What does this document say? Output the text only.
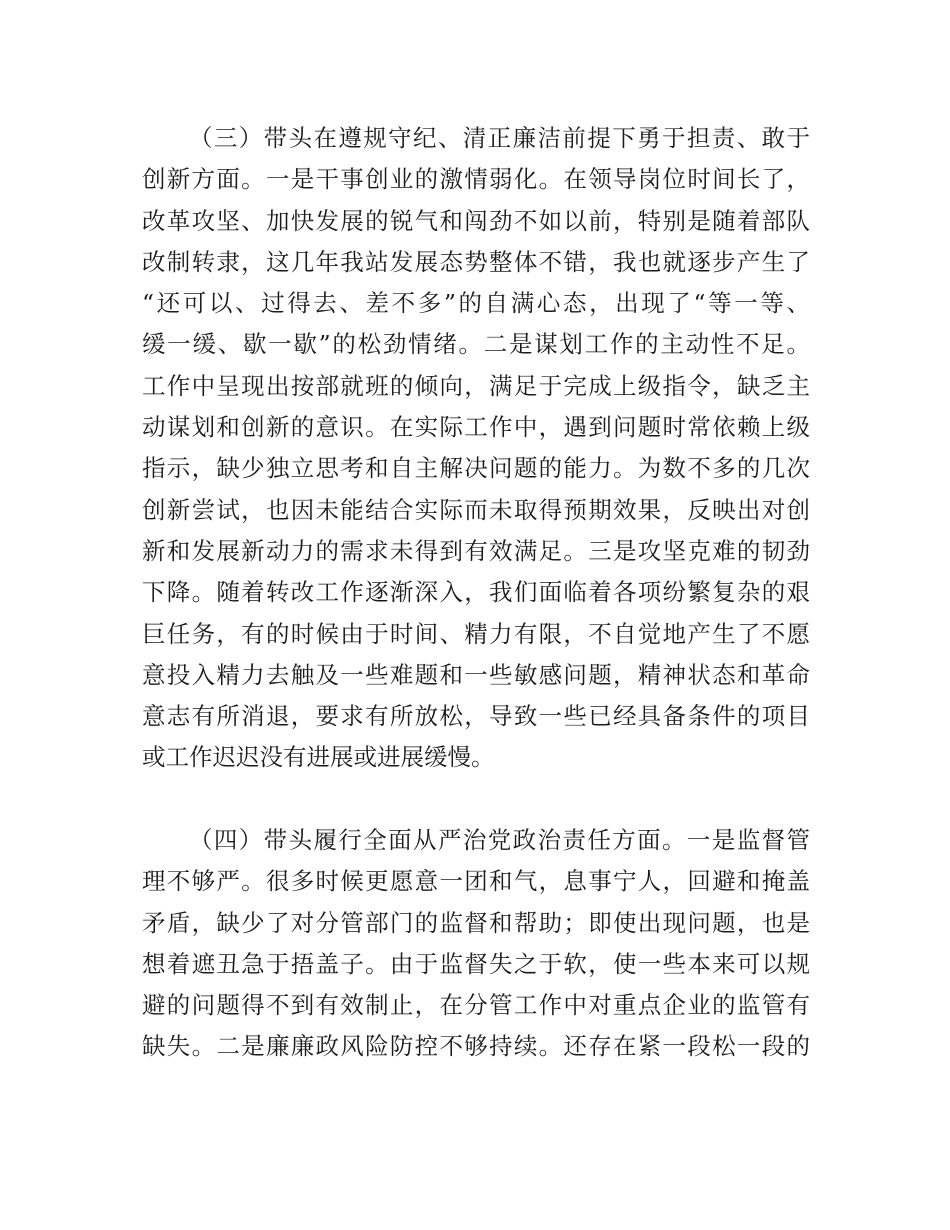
（三）带头在遵规守纪、清正廉洁前提下勇于担责、敢于
创新方面。一是干事创业的激情弱化。在领导岗位时间长了，
改革攻坚、加快发展的锐气和闯劲不如以前，特别是随着部队
改制转隶，这几年我站发展态势整体不错，我也就逐步产生了
“还可以、过得去、差不多”的自满心态，出现了“等一等、
缓一缓、歇一歇”的松劲情绪。二是谋划工作的主动性不足。
工作中呈现出按部就班的倾向，满足于完成上级指令，缺乏主
动谋划和创新的意识。在实际工作中，遇到问题时常依赖上级
指示，缺少独立思考和自主解决问题的能力。为数不多的几次
创新尝试，也因未能结合实际而未取得预期效果，反映出对创
新和发展新动力的需求未得到有效满足。三是攻坚克难的韧劲
下降。随着转改工作逐渐深入，我们面临着各项纷繁复杂的艰
巨任务，有的时候由于时间、精力有限，不自觉地产生了不愿
意投入精力去触及一些难题和一些敏感问题，精神状态和革命
意志有所消退，要求有所放松，导致一些已经具备条件的项目
或工作迟迟没有进展或进展缓慢。
（四）带头履行全面从严治党政治责任方面。一是监督管
理不够严。很多时候更愿意一团和气，息事宁人，回避和掩盖
矛盾，缺少了对分管部门的监督和帮助；即使出现问题，也是
想着遮丑急于捂盖子。由于监督失之于软，使一些本来可以规
避的问题得不到有效制止，在分管工作中对重点企业的监管有
缺失。二是廉廉政风险防控不够持续。还存在紧一段松一段的
